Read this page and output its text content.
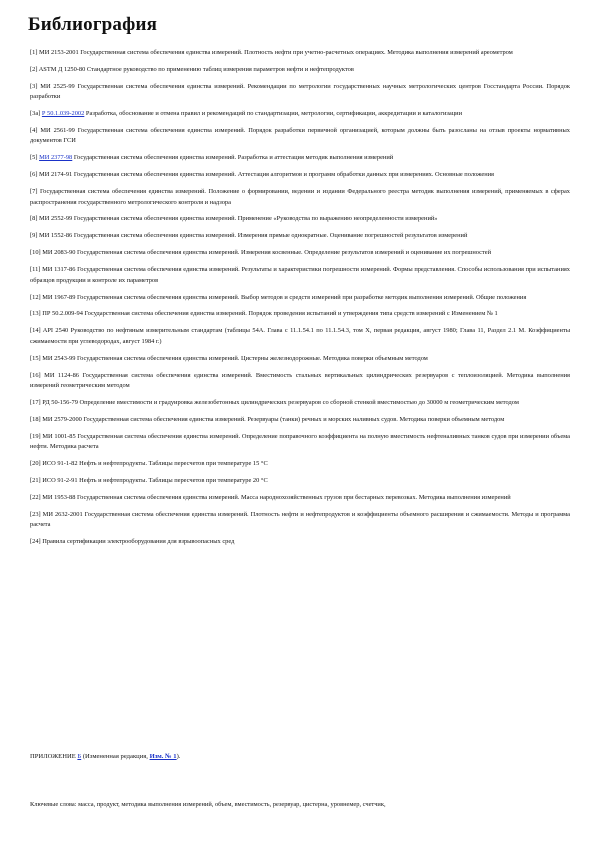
Библиография
[1] МИ 2153-2001 Государственная система обеспечения единства измерений. Плотность нефти при учетно-расчетных операциях. Методика выполнения измерений ареометром
[2] ASTM Д 1250-80 Стандартное руководство по применению таблиц измерения параметров нефти и нефтепродуктов
[3] МИ 2525-99 Государственная система обеспечения единства измерений. Рекомендации по метрологии государственных научных метрологических центров Госстандарта России. Порядок разработки
[3а] Р 50.1.039-2002 Разработка, обоснование и отмена правил и рекомендаций по стандартизации, метрологии, сертификации, аккредитации и каталогизации
[4] МИ 2561-99 Государственная система обеспечения единства измерений. Порядок разработки первичной организацией, которым должны быть разосланы на отзыв проекты нормативных документов ГСИ
[5] МИ 2377-98 Государственная система обеспечения единства измерений. Разработка и аттестация методик выполнения измерений
[6] МИ 2174-91 Государственная система обеспечения единства измерений. Аттестация алгоритмов и программ обработки данных при измерениях. Основные положения
[7] Государственная система обеспечения единства измерений. Положение о формировании, ведении и издании Федерального реестра методик выполнения измерений, применяемых в сферах распространения государственного метрологического контроля и надзора
[8] МИ 2552-99 Государственная система обеспечения единства измерений. Применение «Руководства по выражению неопределенности измерений»
[9] МИ 1552-86 Государственная система обеспечения единства измерений. Измерения прямые однократные. Оценивание погрешностей результатов измерений
[10] МИ 2083-90 Государственная система обеспечения единства измерений. Измерения косвенные. Определение результатов измерений и оценивание их погрешностей
[11] МИ 1317-86 Государственная система обеспечения единства измерений. Результаты и характеристики погрешности измерений. Формы представления. Способы использования при испытаниях образцов продукции и контроле их параметров
[12] МИ 1967-89 Государственная система обеспечения единства измерений. Выбор методов и средств измерений при разработке методик выполнения измерений. Общие положения
[13] ПР 50.2.009-94 Государственная система обеспечения единства измерений. Порядок проведения испытаний и утверждения типа средств измерений с Изменением № 1
[14] API 2540 Руководство по нефтяным измерительным стандартам (таблицы 54А. Глава с 11.1.54.1 по 11.1.54.3, том Х, первая редакция, август 1980; Глава 11, Раздел 2.1 М. Коэффициенты сжимаемости при углеводородах, август 1984 г.)
[15] МИ 2543-99 Государственная система обеспечения единства измерений. Цистерны железнодорожные. Методика поверки объемным методом
[16] МИ 1124-86 Государственная система обеспечения единства измерений. Вместимость стальных вертикальных цилиндрических резервуаров с теплоизоляцией. Методика выполнения измерений геометрическим методом
[17] РД 50-156-79 Определение вместимости и градуировка железобетонных цилиндрических резервуаров со сборной стенкой вместимостью до 30000 м геометрическим методом
[18] МИ 2579-2000 Государственная система обеспечения единства измерений. Резервуары (танки) речных и морских наливных судов. Методика поверки объемным методом
[19] МИ 1001-85 Государственная система обеспечения единства измерений. Определение поправочного коэффициента на полную вместимость нефтеналивных танков судов при измерении объема нефти. Методика расчета
[20] ИСО 91-1-82 Нефть и нефтепродукты. Таблицы пересчетов при температуре 15 °С
[21] ИСО 91-2-91 Нефть и нефтепродукты. Таблицы пересчетов при температуре 20 °С
[22] МИ 1953-88 Государственная система обеспечения единства измерений. Масса народнохозяйственных грузов при бестарных перевозках. Методика выполнения измерений
[23] МИ 2632-2001 Государственная система обеспечения единства измерений. Плотность нефти и нефтепродуктов и коэффициенты объемного расширения и сжимаемости. Методы и программа расчета
[24] Правила сертификации электрооборудования для взрывоопасных сред
ПРИЛОЖЕНИЕ Б (Измененная редакция, Изм. № 1).
Ключевые слова: масса, продукт, методика выполнения измерений, объем, вместимость, резервуар, цистерна, уровнемер, счетчик,
